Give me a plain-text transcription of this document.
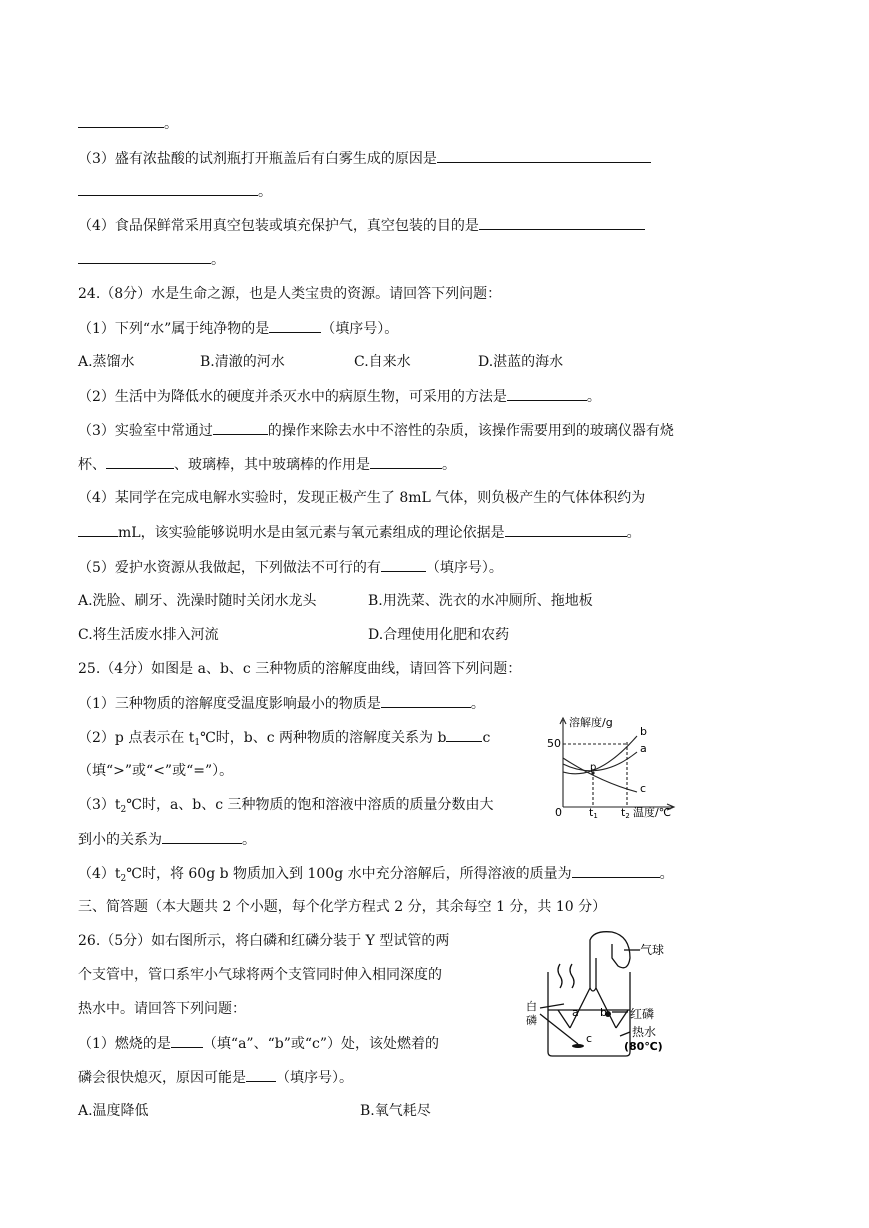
。
（3）盛有浓盐酸的试剂瓶打开瓶盖后有白雾生成的原因是
。
（4）食品保鲜常采用真空包装或填充保护气，真空包装的目的是
。
24.（8分）水是生命之源，也是人类宝贵的资源。请回答下列问题：
（1）下列“水”属于纯净物的是	（填序号）。
A.蒸馏水	B.清澈的河水	C.自来水	D.湛蓝的海水
（2）生活中为降低水的硬度并杀灭水中的病原生物，可采用的方法是	。
（3）实验室中常通过	的操作来除去水中不溶性的杂质，该操作需要用到的玻璃仪器有烧
杯、	、玻璃棒，其中玻璃棒的作用是	。
（4）某同学在完成电解水实验时，发现正极产生了 8mL 气体，则负极产生的气体体积约为
mL，该实验能够说明水是由氢元素与氧元素组成的理论依据是	。
（5）爱护水资源从我做起，下列做法不可行的有	（填序号）。
A.洗脸、刷牙、洗澡时随时关闭水龙头	B.用洗菜、洗衣的水冲厕所、拖地板
C.将生活废水排入河流	D.合理使用化肥和农药
25.（4分）如图是 a、b、c 三种物质的溶解度曲线，请回答下列问题：
（1）三种物质的溶解度受温度影响最小的物质是	。
（2）p 点表示在 $t_1℃$时，b、c 两种物质的溶解度关系为 b	c
（填“>”或“<”或“=”）。
$(3)t_2℃$时，a、b、c 三种物质的饱和溶液中溶质的质量分数由大
到小的关系为	。
$(4)t_2℃$时，将 60g b 物质加入到 100g 水中充分溶解后，所得溶液的质量为	。
三、简答题（本大题共 2 个小题，每个化学方程式 2 分，其余每空 1 分，共 10 分）
26.（5分）如右图所示，将白磷和红磷分装于 Y 型试管的两
个支管中，管口系牢小气球将两个支管同时伸入相同深度的
热水中。请回答下列问题：
（1）燃烧的是 （填“a”、“b”或“c”）处，该处燃着的
磷会很快熄灭，原因可能是 （填序号）。
A.温度降低	B.氧气耗尽
溶解度/g
50
0 t1 t2 温度/℃
b
a
c
p
气球
红磷
热水
(80℃)
白
磷
a b
c
